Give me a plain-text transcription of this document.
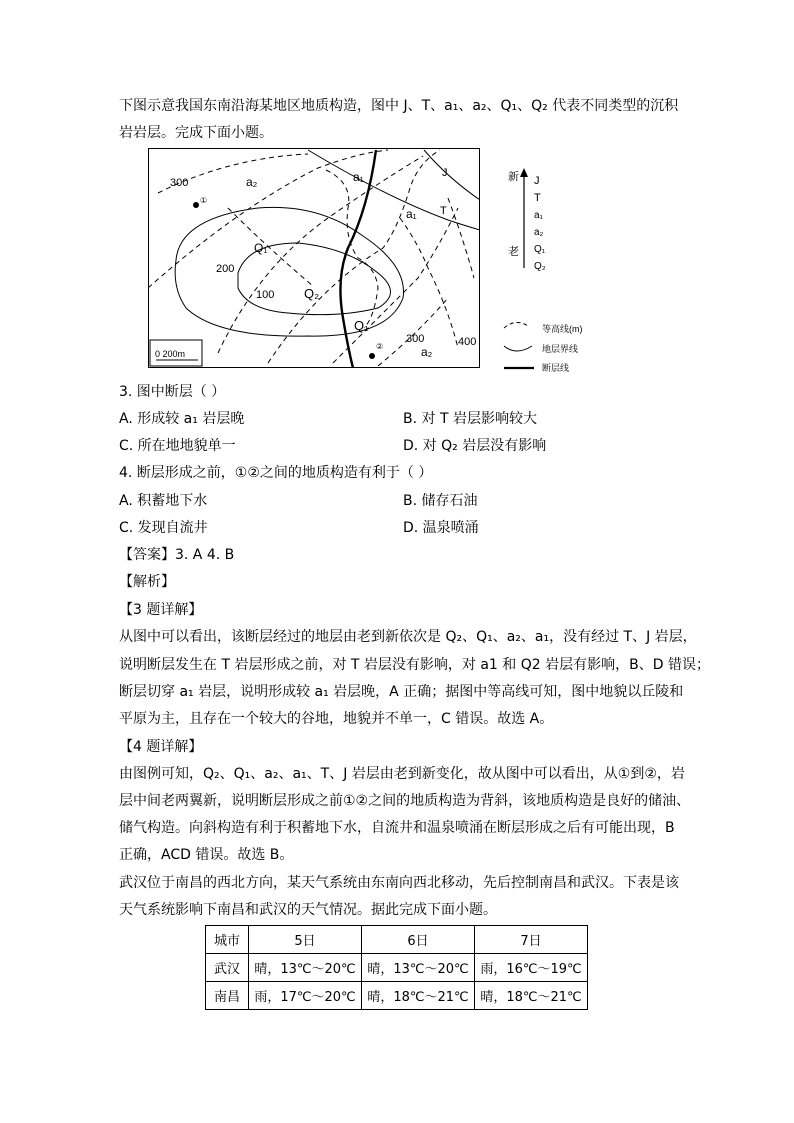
下图示意我国东南沿海某地区地质构造，图中 J、T、a₁、a₂、Q₁、Q₂ 代表不同类型的沉积
岩岩层。完成下面小题。
300	a₂	a₁	J
a₁ T
Q₁
200
100 Q₂
Q₁
300	400
a₂
①
②
0 200m
新
老
J
T
a₁
a₂
Q₁
Q₂
等高线(m)
地层界线
断层线
3. 图中断层（ ）
A. 形成较 a₁ 岩层晚	B. 对 T 岩层影响较大
C. 所在地地貌单一	D. 对 Q₂ 岩层没有影响
4. 断层形成之前，①②之间的地质构造有利于（ ）
A. 积蓄地下水	B. 储存石油
C. 发现自流井	D. 温泉喷涌
【答案】3. A 4. B
【解析】
【3 题详解】
从图中可以看出，该断层经过的地层由老到新依次是 Q₂、Q₁、a₂、a₁，没有经过 T、J 岩层，
说明断层发生在 T 岩层形成之前，对 T 岩层没有影响，对 a1 和 Q2 岩层有影响，B、D 错误；
断层切穿 a₁ 岩层，说明形成较 a₁ 岩层晚，A 正确；据图中等高线可知，图中地貌以丘陵和
平原为主，且存在一个较大的谷地，地貌并不单一，C 错误。故选 A。
【4 题详解】
由图例可知，Q₂、Q₁、a₂、a₁、T、J 岩层由老到新变化，故从图中可以看出，从①到②，岩
层中间老两翼新，说明断层形成之前①②之间的地质构造为背斜，该地质构造是良好的储油、
储气构造。向斜构造有利于积蓄地下水，自流井和温泉喷涌在断层形成之后有可能出现，B
正确，ACD 错误。故选 B。
武汉位于南昌的西北方向，某天气系统由东南向西北移动，先后控制南昌和武汉。下表是该
天气系统影响下南昌和武汉的天气情况。据此完成下面小题。
城市	5日	6日	7日
武汉	晴，13℃～20℃	晴，13℃～20℃	雨，16℃～19℃
南昌	雨，17℃～20℃	晴，18℃～21℃	晴，18℃～21℃
